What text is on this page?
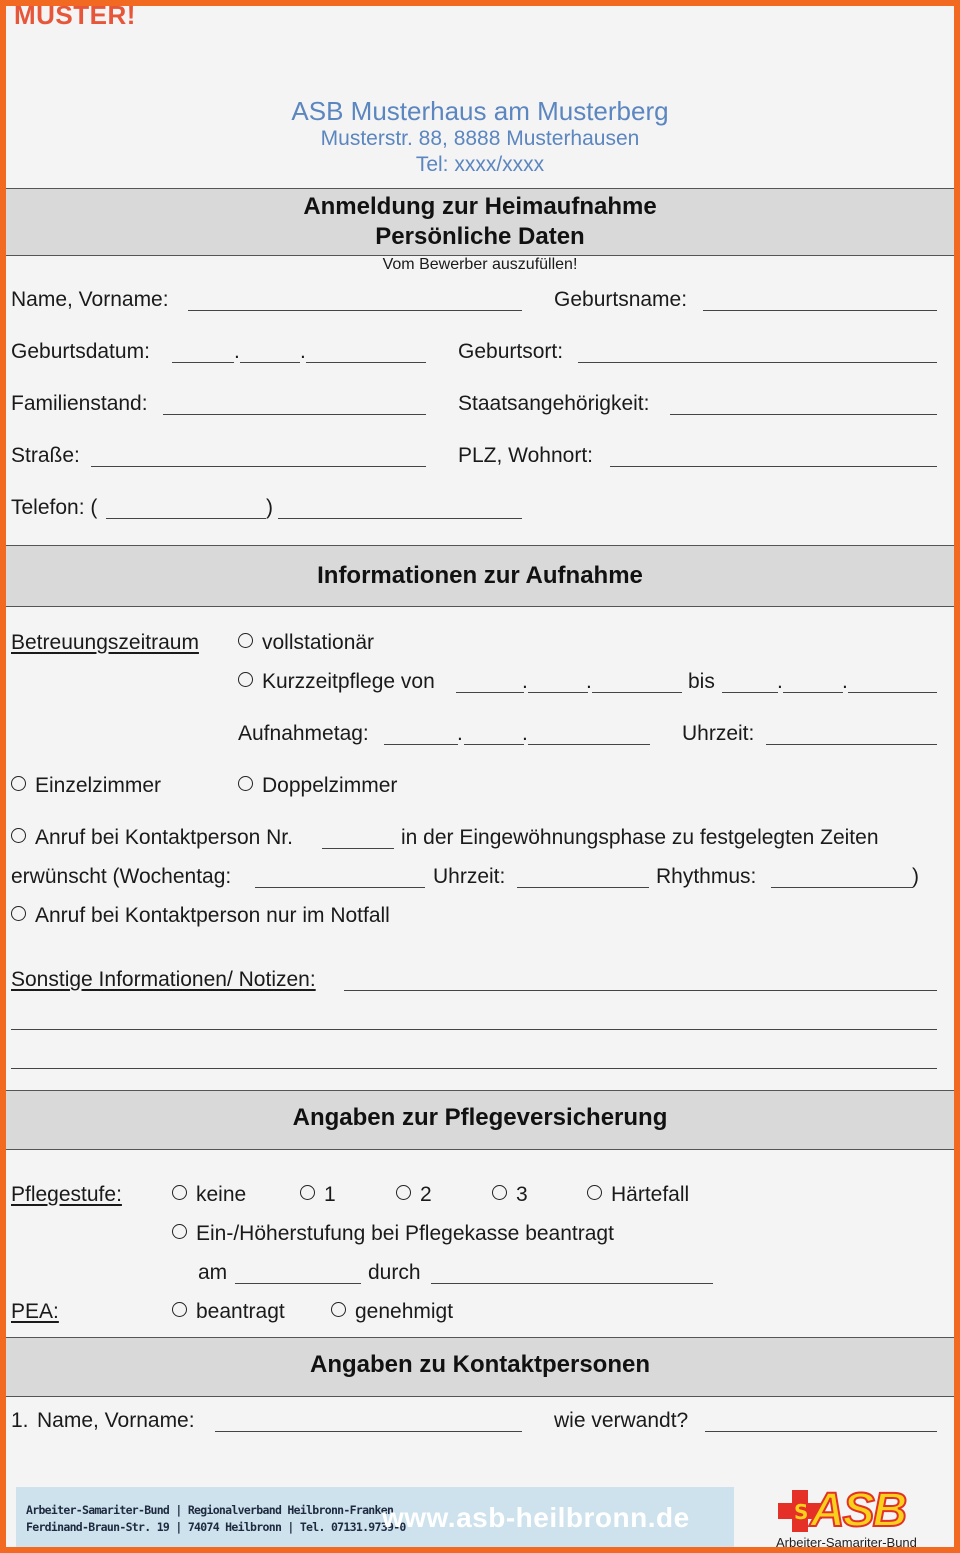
MUSTER!
ASB Musterhaus am Musterberg
Musterstr. 88, 8888 Musterhausen
Tel: xxxx/xxxx
Anmeldung zur Heimaufnahme
Persönliche Daten
Vom Bewerber auszufüllen!
Name, Vorname:	Geburtsname:
Geburtsdatum:	.	.	Geburtsort:
Familienstand:	Staatsangehörigkeit:
Straße:	PLZ, Wohnort:
Telefon: (	)
Informationen zur Aufnahme
Betreuungszeitraum	vollstationär
Kurzzeitpflege von	.	.	bis	.	.
Aufnahmetag:	.	.	Uhrzeit:
Einzelzimmer	Doppelzimmer
Anruf bei Kontaktperson Nr.	in der Eingewöhnungsphase zu festgelegten Zeiten
erwünscht (Wochentag:	Uhrzeit:	Rhythmus:	)
Anruf bei Kontaktperson nur im Notfall
Sonstige Informationen/ Notizen:
Angaben zur Pflegeversicherung
Pflegestufe:	keine	1	2	3	Härtefall
Ein-/Höherstufung bei Pflegekasse beantragt
am	durch
PEA:	beantragt	genehmigt
Angaben zu Kontaktpersonen
1. Name, Vorname:	wie verwandt?
Arbeiter-Samariter-Bund | Regionalverband Heilbronn-Franken
Ferdinand-Braun-Str. 19 | 74074 Heilbronn | Tel. 07131.9739-0
www.asb-heilbronn.de	S ASB
Arbeiter-Samariter-Bund
